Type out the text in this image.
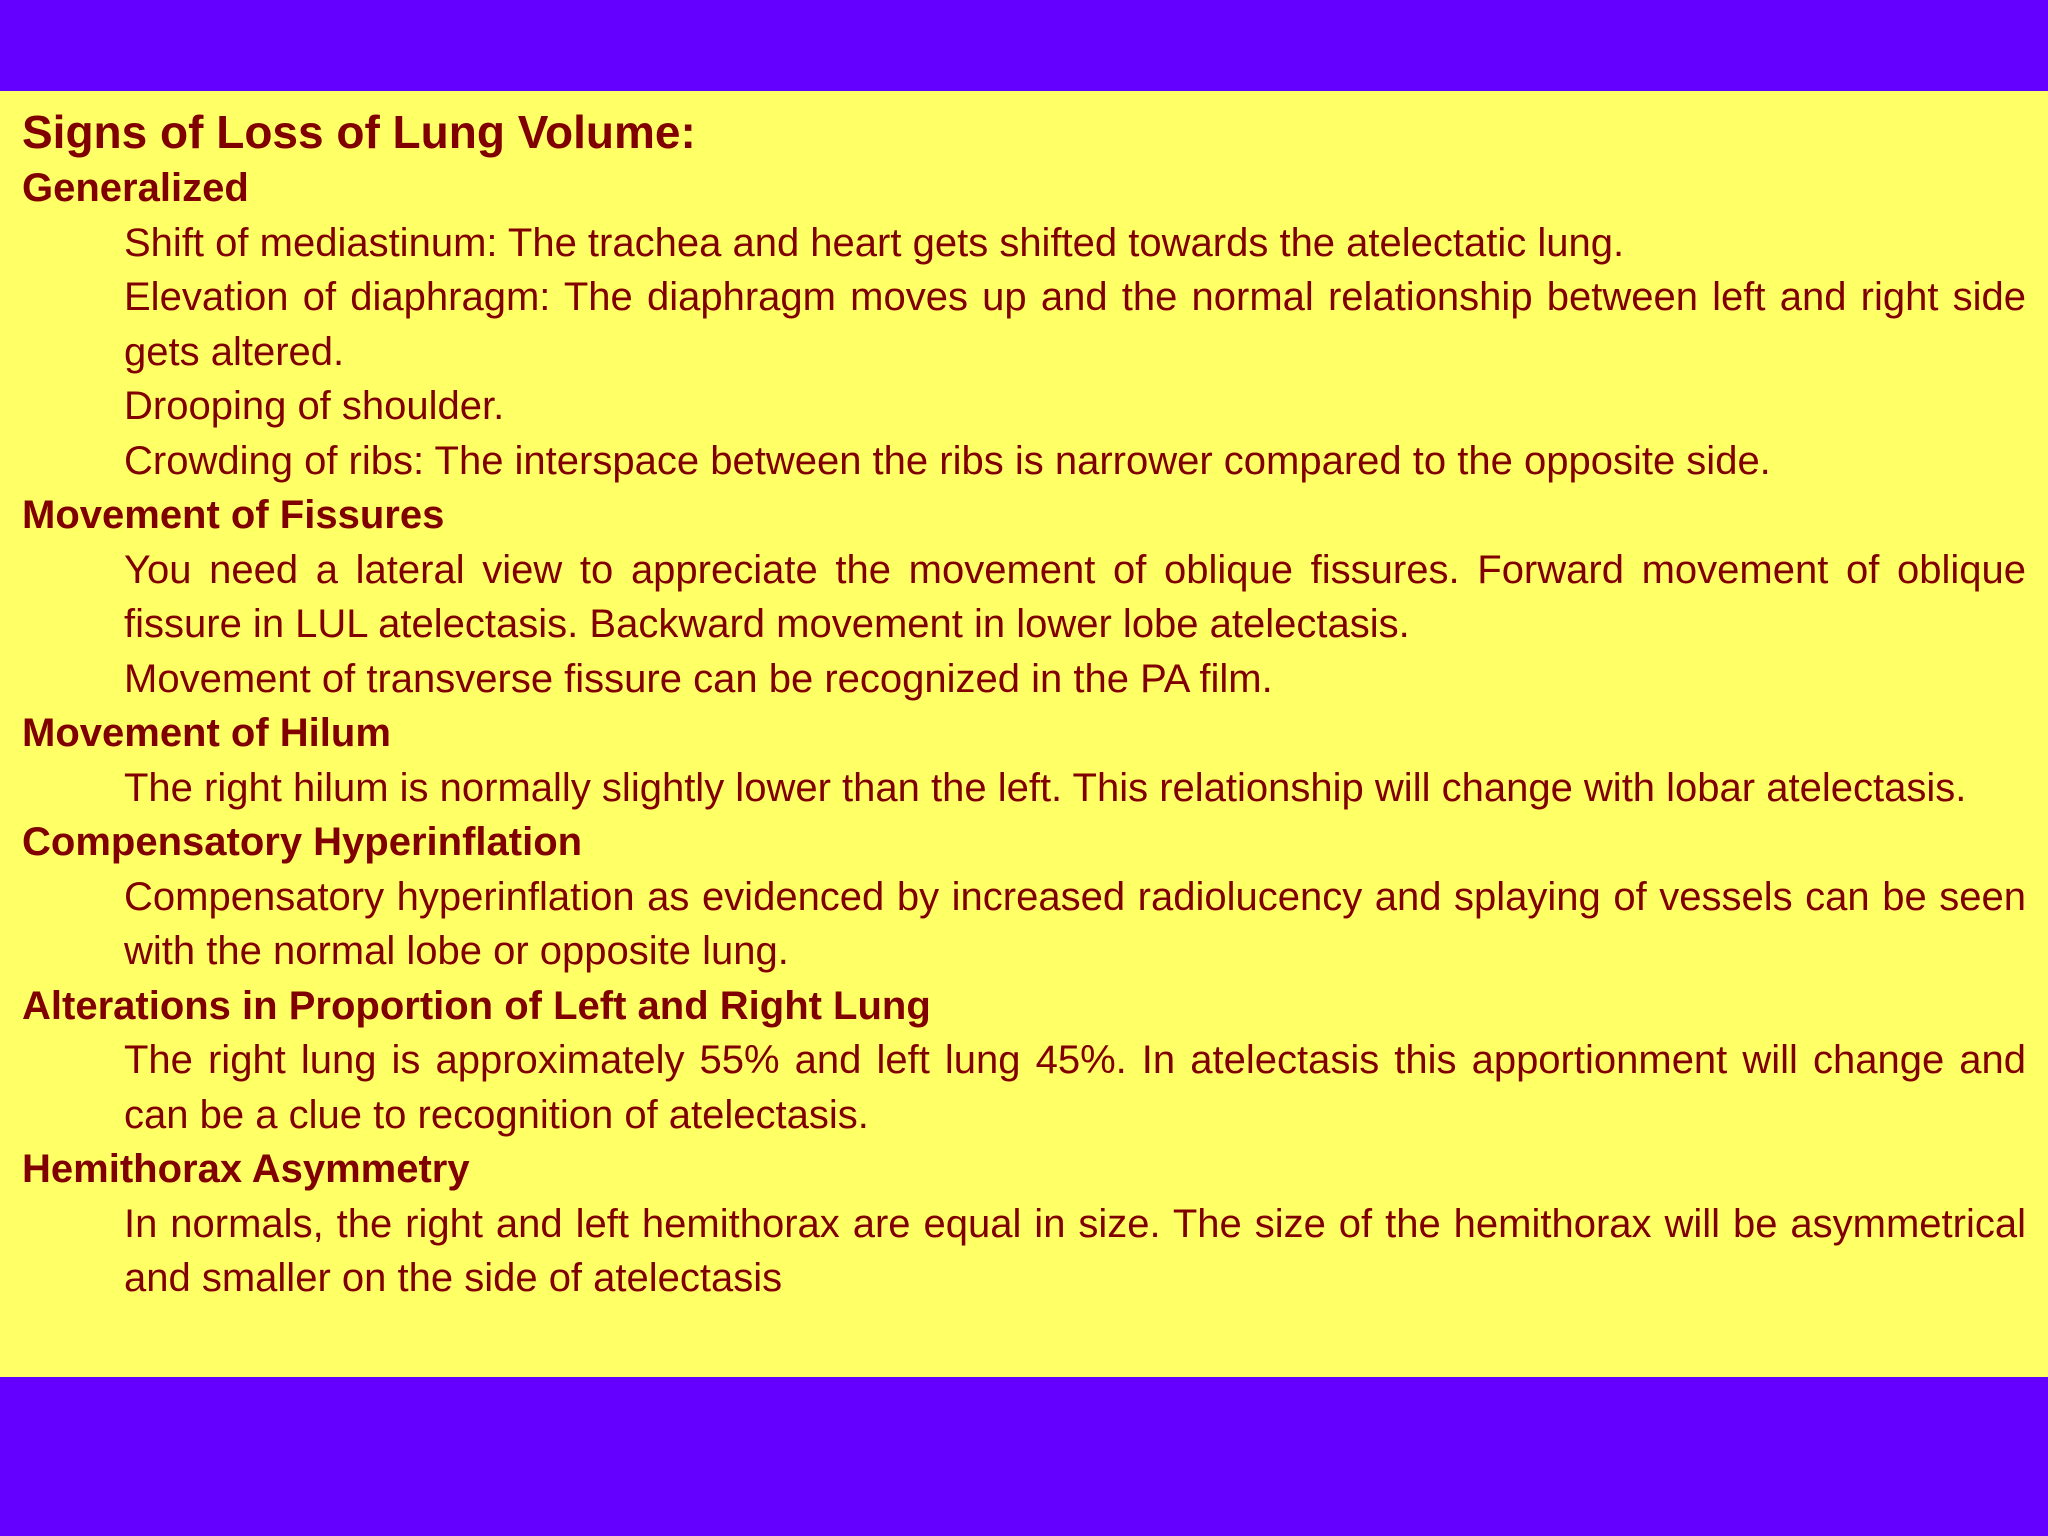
Signs of Loss of Lung Volume:
Generalized

Shift of mediastinum: The trachea and heart gets shifted towards the atelectatic lung.

Elevation of diaphragm: The diaphragm moves up and the normal relationship between left and right side gets altered.

Drooping of shoulder.

Crowding of ribs: The interspace between the ribs is narrower compared to the opposite side.

Movement of Fissures

You need a lateral view to appreciate the movement of oblique fissures. Forward movement of oblique fissure in LUL atelectasis. Backward movement in lower lobe atelectasis.

Movement of transverse fissure can be recognized in the PA film.

Movement of Hilum

The right hilum is normally slightly lower than the left. This relationship will change with lobar atelectasis.

Compensatory Hyperinflation

Compensatory hyperinflation as evidenced by increased radiolucency and splaying of vessels can be seen with the normal lobe or opposite lung.

Alterations in Proportion of Left and Right Lung

The right lung is approximately 55% and left lung 45%. In atelectasis this apportionment will change and can be a clue to recognition of atelectasis.

Hemithorax Asymmetry

In normals, the right and left hemithorax are equal in size. The size of the hemithorax will be asymmetrical and smaller on the side of atelectasis
